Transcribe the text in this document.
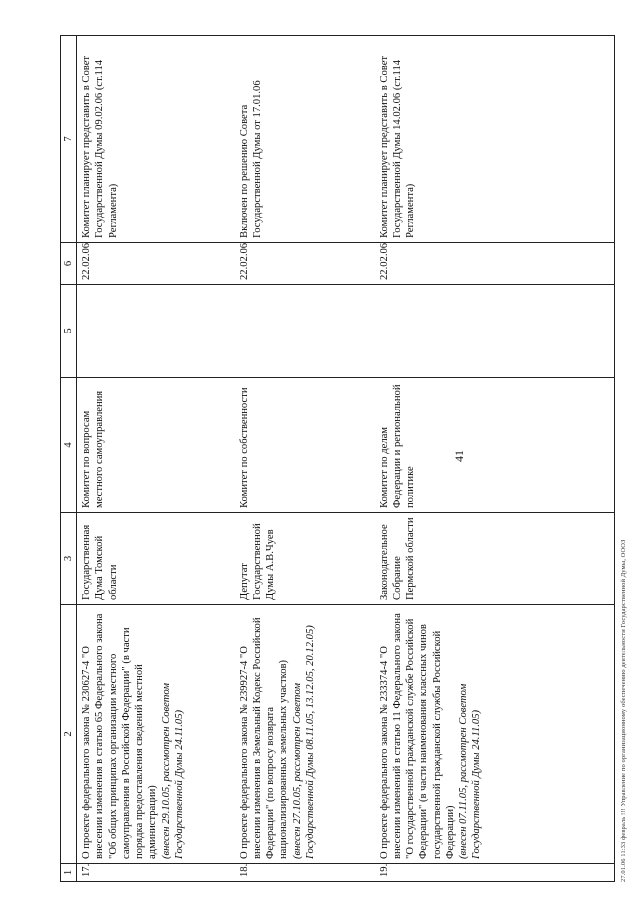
41
1	2	3	4	5	6	7
17.	О проекте федерального закона № 230627-4 "О внесении изменения в статью 65 Федерального закона "Об общих принципах организации местного самоуправления в Российской Федерации" (в части порядка предоставления сведений местной администрации) (внесен 29.10.05, рассмотрен Советом Государственной Думы 24.11.05)	Государственная Дума Томской области	Комитет по вопросам местного самоуправления		22.02.06	Комитет планирует представить в Совет Государственной Думы 09.02.06 (ст.114 Регламента)
18.	О проекте федерального закона № 239927-4 "О внесении изменения в Земельный Кодекс Российской Федерации" (по вопросу возврата национализированных земельных участков) (внесен 27.10.05, рассмотрен Советом Государственной Думы 08.11.05, 13.12.05, 20.12.05)	Депутат Государственной Думы А.В.Чуев	Комитет по собственности		22.02.06	Включен по решению Совета Государственной Думы от 17.01.06
19.	О проекте федерального закона № 233374-4 "О внесении изменений в статью 11 Федерального закона "О государственной гражданской службе Российской Федерации" (в части наименования классных чинов государственной гражданской службы Российской Федерации) (внесен 07.11.05, рассмотрен Советом Государственной Думы 24.11.05)	Законодательное Собрание Пермской области	Комитет по делам Федерации и региональной политике		22.02.06	Комитет планирует представить в Совет Государственной Думы 14.02.06 (ст.114 Регламента)
27.01.06 11:33 февраль !!! Управление по организационному обеспечению деятельности Государственной Думы, ОООЗ
